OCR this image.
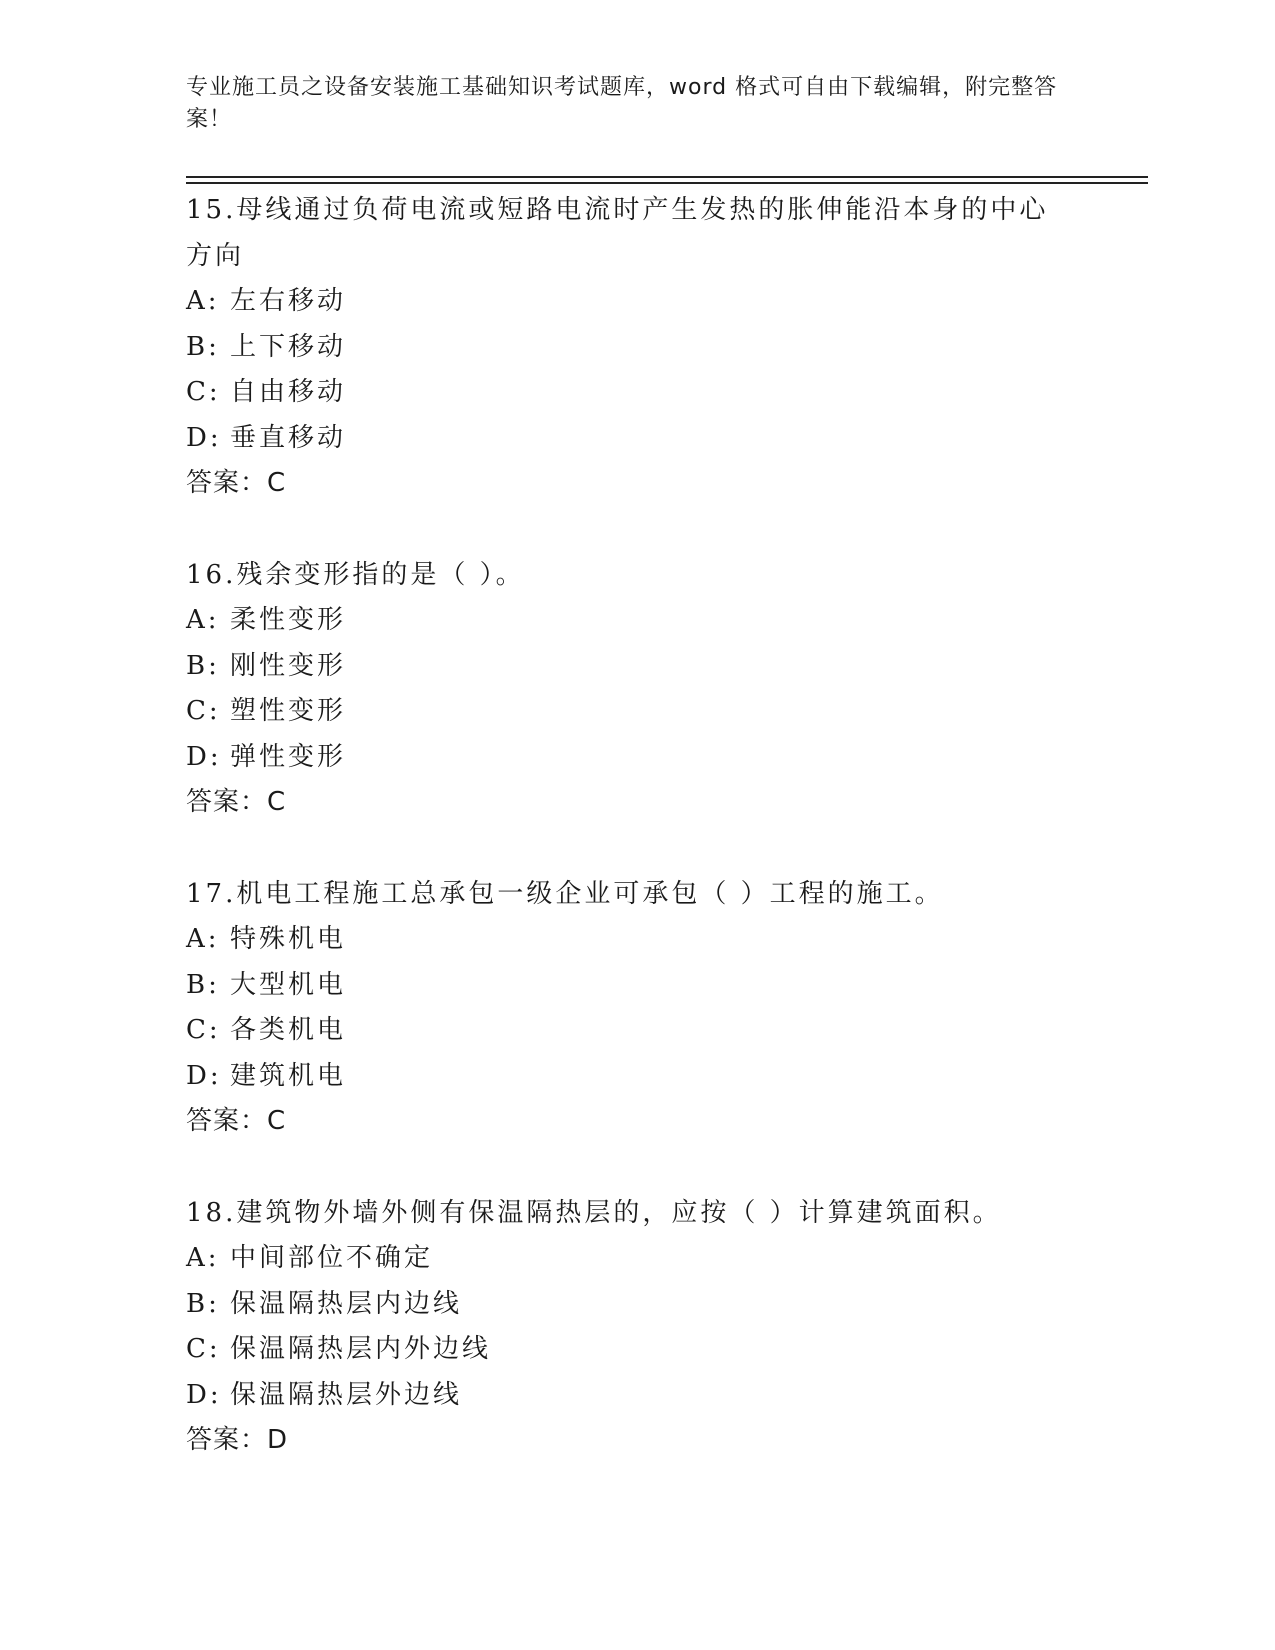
专业施工员之设备安装施工基础知识考试题库，word 格式可自由下载编辑，附完整答案！
15.母线通过负荷电流或短路电流时产生发热的胀伸能沿本身的中心方向
A: 左右移动
B: 上下移动
C: 自由移动
D: 垂直移动
答案：C
16.残余变形指的是（ ）。
A: 柔性变形
B: 刚性变形
C: 塑性变形
D: 弹性变形
答案：C
17.机电工程施工总承包一级企业可承包（ ）工程的施工。
A: 特殊机电
B: 大型机电
C: 各类机电
D: 建筑机电
答案：C
18.建筑物外墙外侧有保温隔热层的，应按（ ）计算建筑面积。
A: 中间部位不确定
B: 保温隔热层内边线
C: 保温隔热层内外边线
D: 保温隔热层外边线
答案：D
